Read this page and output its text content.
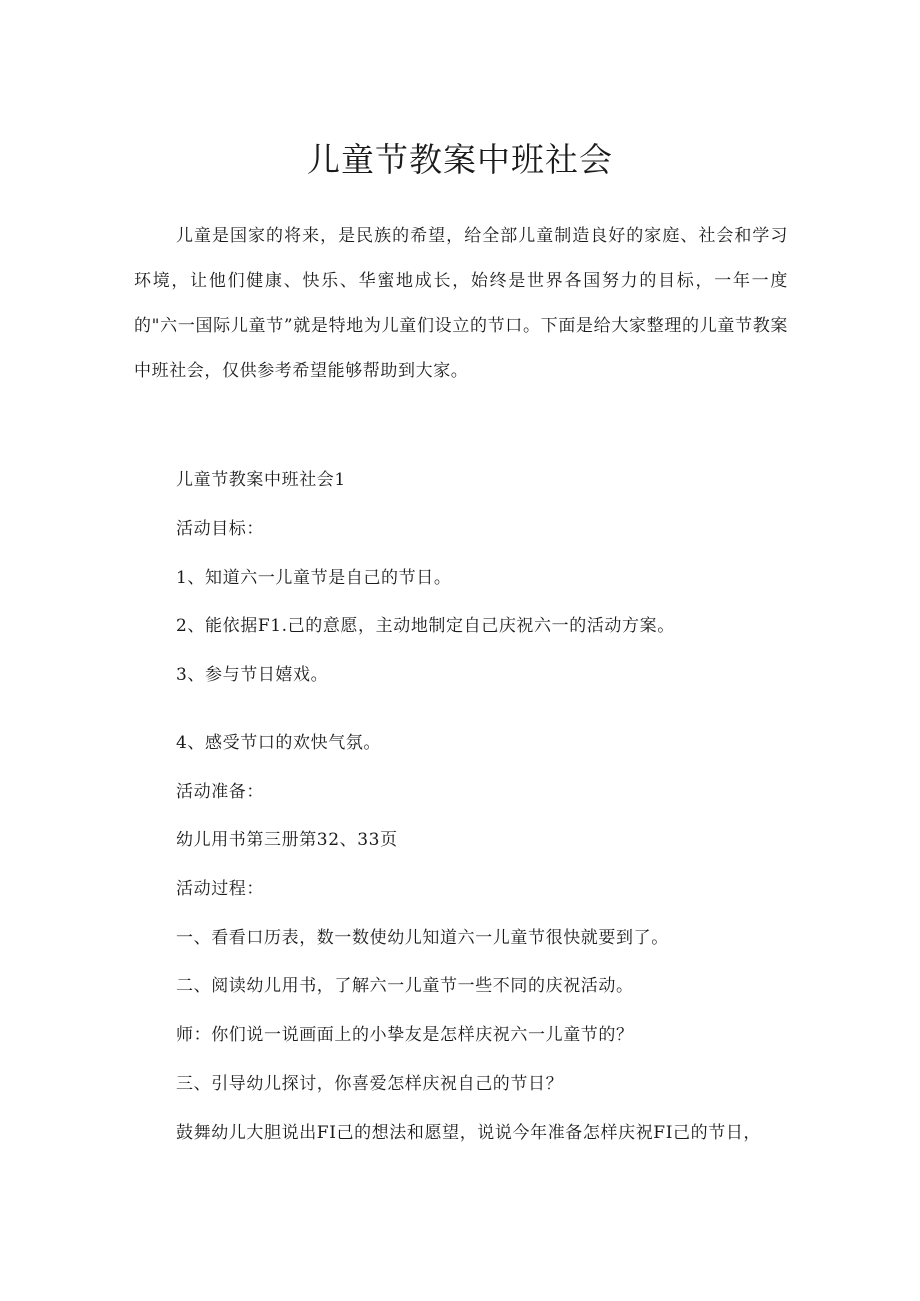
儿童节教案中班社会

儿童是国家的将来，是民族的希望，给全部儿童制造良好的家庭、社会和学习环境，让他们健康、快乐、华蜜地成长，始终是世界各国努力的目标，一年一度的"六一国际儿童节”就是特地为儿童们设立的节口。下面是给大家整理的儿童节教案中班社会，仅供参考希望能够帮助到大家。

儿童节教案中班社会1

活动目标：

1、知道六一儿童节是自己的节日。

2、能依据F1.己的意愿，主动地制定自己庆祝六一的活动方案。

3、参与节日嬉戏。

4、感受节口的欢快气氛。

活动准备：

幼儿用书第三册第32、33页

活动过程：

一、看看口历表，数一数使幼儿知道六一儿童节很快就要到了。

二、阅读幼儿用书，了解六一儿童节一些不同的庆祝活动。

师：你们说一说画面上的小挚友是怎样庆祝六一儿童节的？

三、引导幼儿探讨，你喜爱怎样庆祝自己的节日？

鼓舞幼儿大胆说出FI己的想法和愿望，说说今年准备怎样庆祝FI己的节日，
